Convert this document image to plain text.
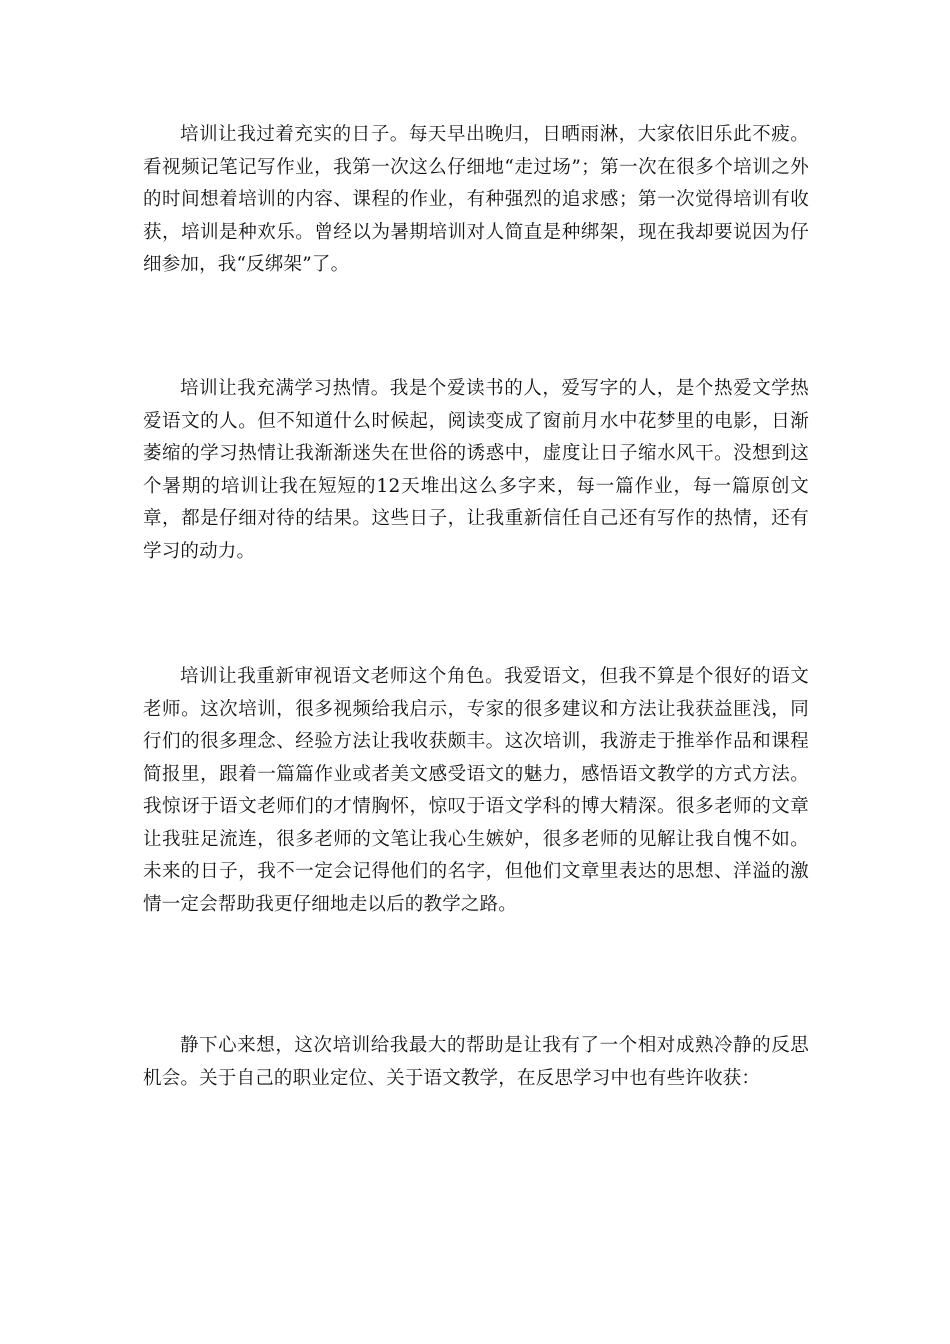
培训让我过着充实的日子。每天早出晚归，日晒雨淋，大家依旧乐此不疲。看视频记笔记写作业，我第一次这么仔细地“走过场”；第一次在很多个培训之外的时间想着培训的内容、课程的作业，有种强烈的追求感；第一次觉得培训有收获，培训是种欢乐。曾经以为暑期培训对人简直是种绑架，现在我却要说因为仔细参加，我“反绑架”了。

培训让我充满学习热情。我是个爱读书的人，爱写字的人，是个热爱文学热爱语文的人。但不知道什么时候起，阅读变成了窗前月水中花梦里的电影，日渐萎缩的学习热情让我渐渐迷失在世俗的诱惑中，虚度让日子缩水风干。没想到这个暑期的培训让我在短短的12天堆出这么多字来，每一篇作业，每一篇原创文章，都是仔细对待的结果。这些日子，让我重新信任自己还有写作的热情，还有学习的动力。

培训让我重新审视语文老师这个角色。我爱语文，但我不算是个很好的语文老师。这次培训，很多视频给我启示，专家的很多建议和方法让我获益匪浅，同行们的很多理念、经验方法让我收获颇丰。这次培训，我游走于推举作品和课程简报里，跟着一篇篇作业或者美文感受语文的魅力，感悟语文教学的方式方法。我惊讶于语文老师们的才情胸怀，惊叹于语文学科的博大精深。很多老师的文章让我驻足流连，很多老师的文笔让我心生嫉妒，很多老师的见解让我自愧不如。未来的日子，我不一定会记得他们的名字，但他们文章里表达的思想、洋溢的激情一定会帮助我更仔细地走以后的教学之路。

静下心来想，这次培训给我最大的帮助是让我有了一个相对成熟冷静的反思机会。关于自己的职业定位、关于语文教学，在反思学习中也有些许收获：
